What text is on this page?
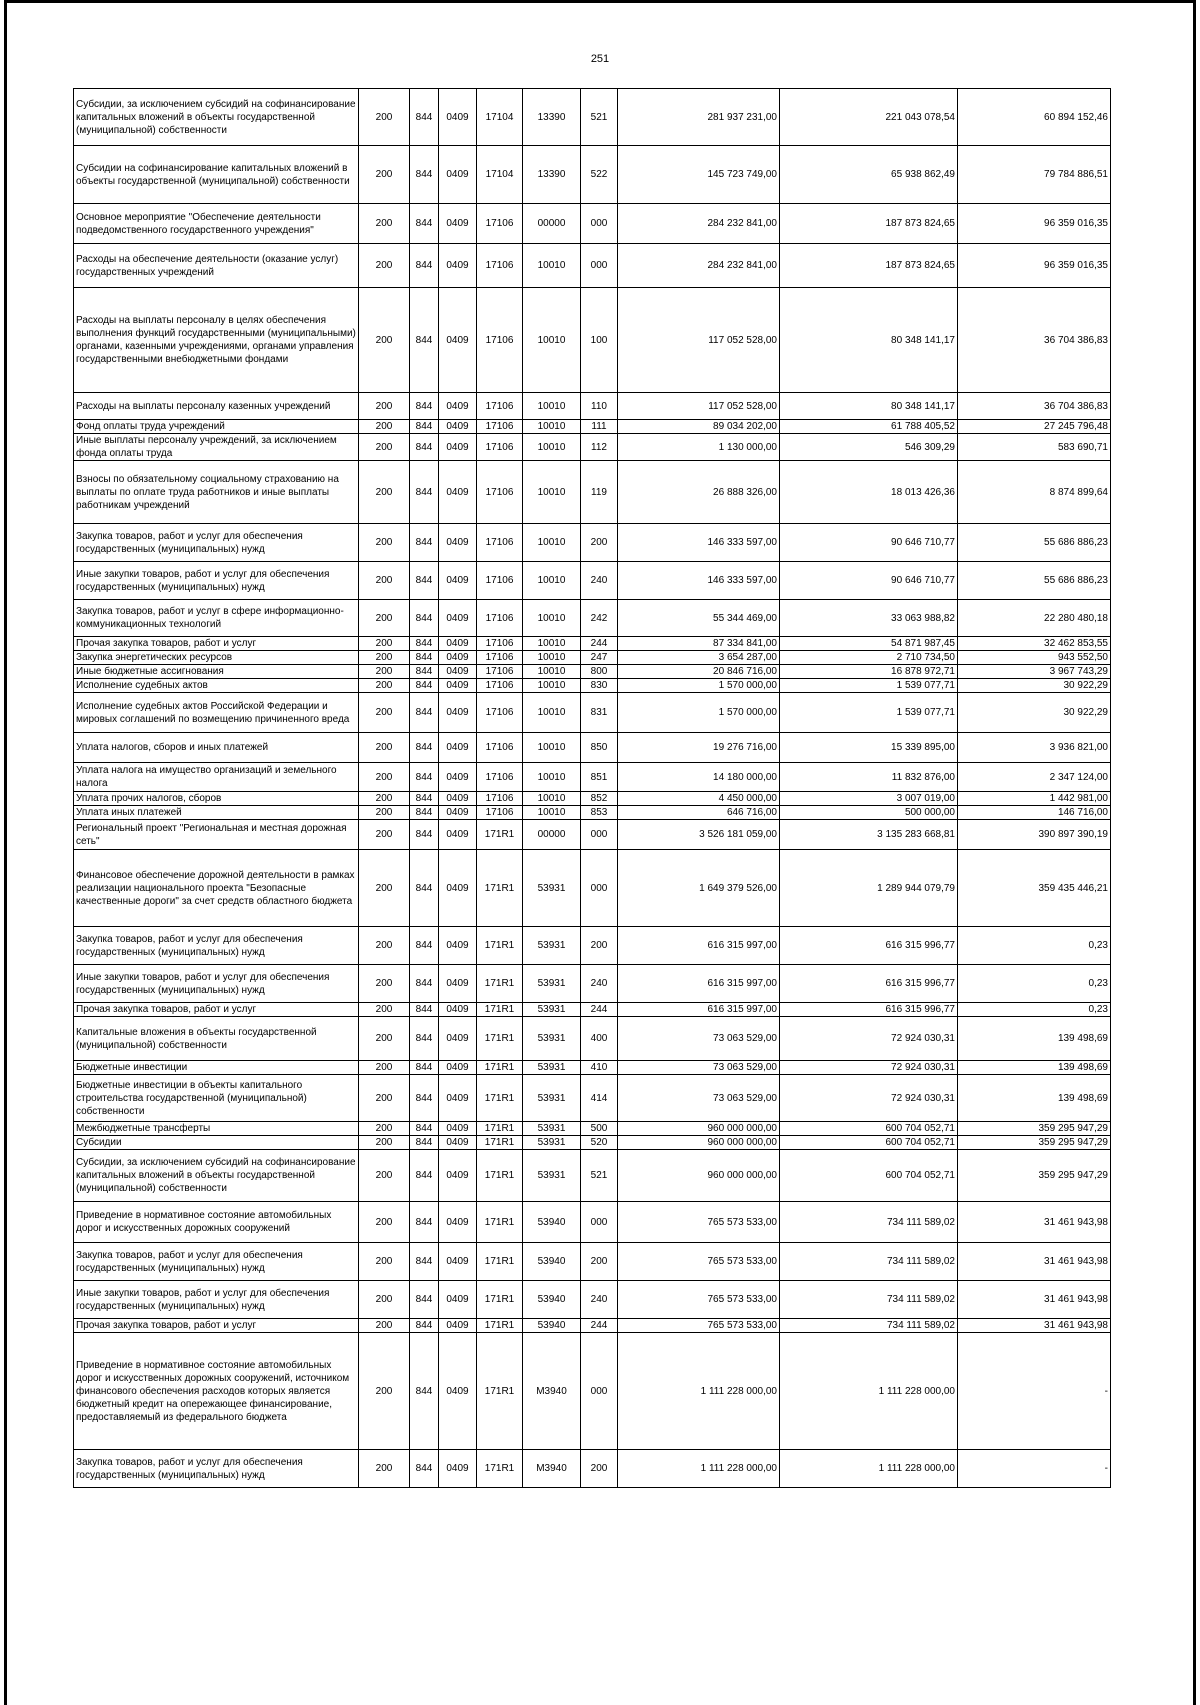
251
Субсидии, за исключением субсидий на софинансирование капитальных вложений в объекты государственной (муниципальной) собственности	200	844	0409	17104	13390	521	281 937 231,00	221 043 078,54	60 894 152,46
Субсидии на софинансирование капитальных вложений в объекты государственной (муниципальной) собственности	200	844	0409	17104	13390	522	145 723 749,00	65 938 862,49	79 784 886,51
Основное мероприятие "Обеспечение деятельности подведомственного государственного учреждения"	200	844	0409	17106	00000	000	284 232 841,00	187 873 824,65	96 359 016,35
Расходы на обеспечение деятельности (оказание услуг) государственных учреждений	200	844	0409	17106	10010	000	284 232 841,00	187 873 824,65	96 359 016,35
Расходы на выплаты персоналу в целях обеспечения выполнения функций государственными (муниципальными) органами, казенными учреждениями, органами управления государственными внебюджетными фондами	200	844	0409	17106	10010	100	117 052 528,00	80 348 141,17	36 704 386,83
Расходы на выплаты персоналу казенных учреждений	200	844	0409	17106	10010	110	117 052 528,00	80 348 141,17	36 704 386,83
Фонд оплаты труда учреждений	200	844	0409	17106	10010	111	89 034 202,00	61 788 405,52	27 245 796,48
Иные выплаты персоналу учреждений, за исключением фонда оплаты труда	200	844	0409	17106	10010	112	1 130 000,00	546 309,29	583 690,71
Взносы по обязательному социальному страхованию на выплаты по оплате труда работников и иные выплаты работникам учреждений	200	844	0409	17106	10010	119	26 888 326,00	18 013 426,36	8 874 899,64
Закупка товаров, работ и услуг для обеспечения государственных (муниципальных) нужд	200	844	0409	17106	10010	200	146 333 597,00	90 646 710,77	55 686 886,23
Иные закупки товаров, работ и услуг для обеспечения государственных (муниципальных) нужд	200	844	0409	17106	10010	240	146 333 597,00	90 646 710,77	55 686 886,23
Закупка товаров, работ и услуг в сфере информационно-коммуникационных технологий	200	844	0409	17106	10010	242	55 344 469,00	33 063 988,82	22 280 480,18
Прочая закупка товаров, работ и услуг	200	844	0409	17106	10010	244	87 334 841,00	54 871 987,45	32 462 853,55
Закупка энергетических ресурсов	200	844	0409	17106	10010	247	3 654 287,00	2 710 734,50	943 552,50
Иные бюджетные ассигнования	200	844	0409	17106	10010	800	20 846 716,00	16 878 972,71	3 967 743,29
Исполнение судебных актов	200	844	0409	17106	10010	830	1 570 000,00	1 539 077,71	30 922,29
Исполнение судебных актов Российской Федерации и мировых соглашений по возмещению причиненного вреда	200	844	0409	17106	10010	831	1 570 000,00	1 539 077,71	30 922,29
Уплата налогов, сборов и иных платежей	200	844	0409	17106	10010	850	19 276 716,00	15 339 895,00	3 936 821,00
Уплата налога на имущество организаций и земельного налога	200	844	0409	17106	10010	851	14 180 000,00	11 832 876,00	2 347 124,00
Уплата прочих налогов, сборов	200	844	0409	17106	10010	852	4 450 000,00	3 007 019,00	1 442 981,00
Уплата иных платежей	200	844	0409	17106	10010	853	646 716,00	500 000,00	146 716,00
Региональный проект "Региональная и местная дорожная сеть"	200	844	0409	171R1	00000	000	3 526 181 059,00	3 135 283 668,81	390 897 390,19
Финансовое обеспечение дорожной деятельности в рамках реализации национального проекта "Безопасные качественные дороги" за счет средств областного бюджета	200	844	0409	171R1	53931	000	1 649 379 526,00	1 289 944 079,79	359 435 446,21
Закупка товаров, работ и услуг для обеспечения государственных (муниципальных) нужд	200	844	0409	171R1	53931	200	616 315 997,00	616 315 996,77	0,23
Иные закупки товаров, работ и услуг для обеспечения государственных (муниципальных) нужд	200	844	0409	171R1	53931	240	616 315 997,00	616 315 996,77	0,23
Прочая закупка товаров, работ и услуг	200	844	0409	171R1	53931	244	616 315 997,00	616 315 996,77	0,23
Капитальные вложения в объекты государственной (муниципальной) собственности	200	844	0409	171R1	53931	400	73 063 529,00	72 924 030,31	139 498,69
Бюджетные инвестиции	200	844	0409	171R1	53931	410	73 063 529,00	72 924 030,31	139 498,69
Бюджетные инвестиции в объекты капитального строительства государственной (муниципальной) собственности	200	844	0409	171R1	53931	414	73 063 529,00	72 924 030,31	139 498,69
Межбюджетные трансферты	200	844	0409	171R1	53931	500	960 000 000,00	600 704 052,71	359 295 947,29
Субсидии	200	844	0409	171R1	53931	520	960 000 000,00	600 704 052,71	359 295 947,29
Субсидии, за исключением субсидий на софинансирование капитальных вложений в объекты государственной (муниципальной) собственности	200	844	0409	171R1	53931	521	960 000 000,00	600 704 052,71	359 295 947,29
Приведение в нормативное состояние автомобильных дорог и искусственных дорожных сооружений	200	844	0409	171R1	53940	000	765 573 533,00	734 111 589,02	31 461 943,98
Закупка товаров, работ и услуг для обеспечения государственных (муниципальных) нужд	200	844	0409	171R1	53940	200	765 573 533,00	734 111 589,02	31 461 943,98
Иные закупки товаров, работ и услуг для обеспечения государственных (муниципальных) нужд	200	844	0409	171R1	53940	240	765 573 533,00	734 111 589,02	31 461 943,98
Прочая закупка товаров, работ и услуг	200	844	0409	171R1	53940	244	765 573 533,00	734 111 589,02	31 461 943,98
Приведение в нормативное состояние автомобильных дорог и искусственных дорожных сооружений, источником финансового обеспечения расходов которых является бюджетный кредит на опережающее финансирование, предоставляемый из федерального бюджета	200	844	0409	171R1	M3940	000	1 111 228 000,00	1 111 228 000,00	-
Закупка товаров, работ и услуг для обеспечения государственных (муниципальных) нужд	200	844	0409	171R1	M3940	200	1 111 228 000,00	1 111 228 000,00	-
